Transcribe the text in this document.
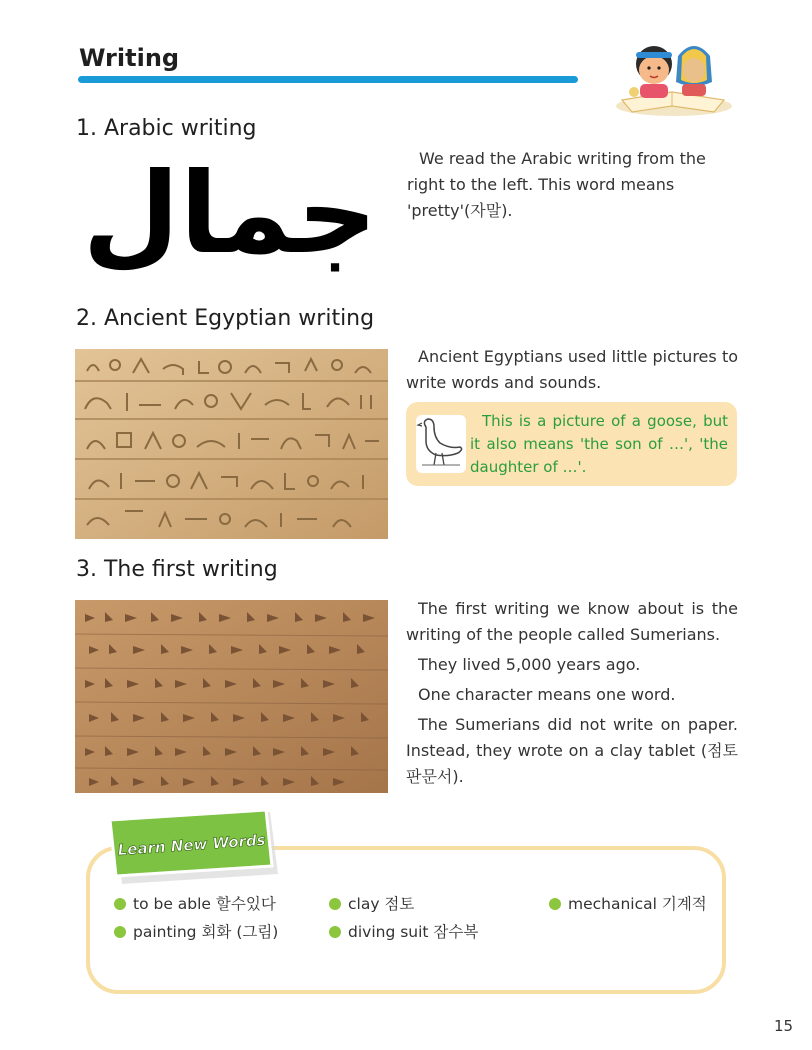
Writing
1. Arabic writing
جمال	We read the Arabic writing from the right to the left. This word means 'pretty'(자말).
2. Ancient Egyptian writing
Ancient Egyptians used little pictures to write words and sounds.
This is a picture of a goose, but it also means 'the son of …', 'the daughter of …'.
3. The first writing

The first writing we know about is the writing of the people called Sumerians.

They lived 5,000 years ago.

One character means one word.

The Sumerians did not write on paper. Instead, they wrote on a clay tablet (점토 판문서).

Learn New Words
to be able 할수있다	clay 점토	mechanical 기계적
painting 회화 (그림)	diving suit 잠수복
15
